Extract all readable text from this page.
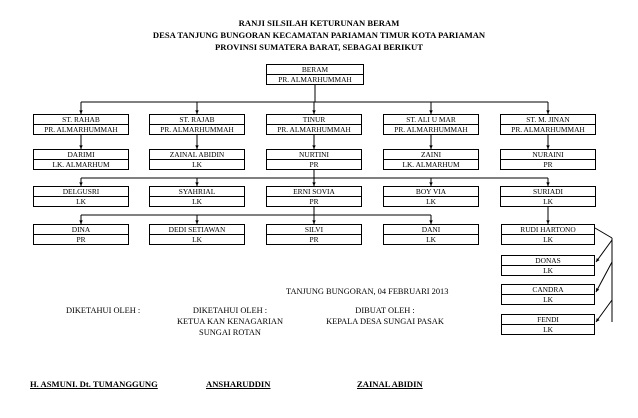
RANJI SILSILAH KETURUNAN BERAM
DESA TANJUNG BUNGORAN KECAMATAN PARIAMAN TIMUR KOTA PARIAMAN
PROVINSI SUMATERA BARAT, SEBAGAI BERIKUT
BERAM
PR. ALMARHUMMAH
ST. RAHAB
PR. ALMARHUMMAH
ST. RAJAB
PR. ALMARHUMMAH
TINUR
PR. ALMARHUMMAH
ST. ALI U MAR
PR. ALMARHUMMAH
ST. M. JINAN
PR. ALMARHUMMAH
DARIMI
LK. ALMARHUM
ZAINAL ABIDIN
LK
NURTINI
PR
ZAINI
LK. ALMARHUM
NURAINI
PR
DELGUSRI
LK
SYAHRIAL
LK
ERNI SOVIA
PR
BOY VIA
LK
SURIADI
LK
DINA
PR
DEDI SETIAWAN
LK
SILVI
PR
DANI
LK
RUDI HARTONO
LK
DONAS
LK
CANDRA
LK
FENDI
LK
TANJUNG BUNGORAN, 04 FEBRUARI 2013
DIKETAHUI OLEH :	DIKETAHUI OLEH :
KETUA KAN KENAGARIAN
SUNGAI ROTAN
DIBUAT OLEH :
KEPALA DESA SUNGAI PASAK
H. ASMUNI. Dt. TUMANGGUNG	ANSHARUDDIN	ZAINAL ABIDIN
